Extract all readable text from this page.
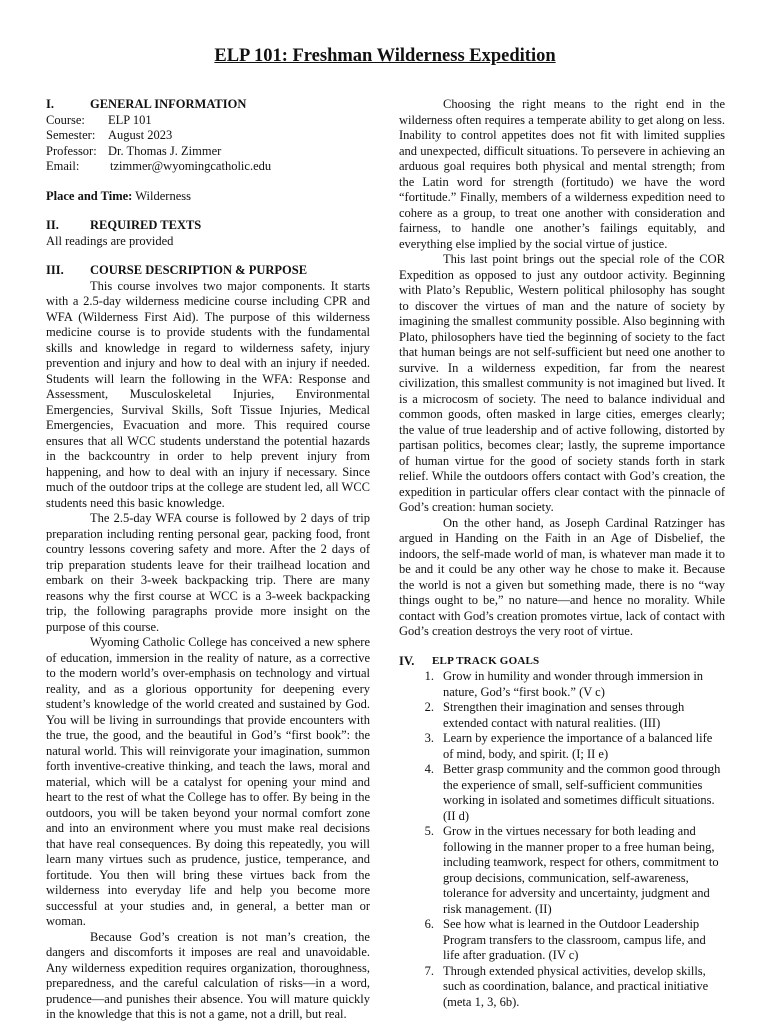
ELP 101: Freshman Wilderness Expedition
I.	GENERAL INFORMATION
Course:	ELP 101
Semester:	August 2023
Professor: Dr. Thomas J. Zimmer
Email:	tzimmer@wyomingcatholic.edu
Place and Time: Wilderness
II.	REQUIRED TEXTS
All readings are provided
III.	COURSE DESCRIPTION & PURPOSE

This course involves two major components. It starts with a 2.5-day wilderness medicine course including CPR and WFA (Wilderness First Aid). The purpose of this wilderness medicine course is to provide students with the fundamental skills and knowledge in regard to wilderness safety, injury prevention and injury and how to deal with an injury if needed. Students will learn the following in the WFA: Response and Assessment, Musculoskeletal Injuries, Environmental Emergencies, Survival Skills, Soft Tissue Injuries, Medical Emergencies, Evacuation and more. This required course ensures that all WCC students understand the potential hazards in the backcountry in order to help prevent injury from happening, and how to deal with an injury if necessary. Since much of the outdoor trips at the college are student led, all WCC students need this basic knowledge.

The 2.5-day WFA course is followed by 2 days of trip preparation including renting personal gear, packing food, front country lessons covering safety and more. After the 2 days of trip preparation students leave for their trailhead location and embark on their 3-week backpacking trip. There are many reasons why the first course at WCC is a 3-week backpacking trip, the following paragraphs provide more insight on the purpose of this course.

Wyoming Catholic College has conceived a new sphere of education, immersion in the reality of nature, as a corrective to the modern world’s over-emphasis on technology and virtual reality, and as a glorious opportunity for deepening every student’s knowledge of the world created and sustained by God. You will be living in surroundings that provide encounters with the true, the good, and the beautiful in God’s “first book”: the natural world. This will reinvigorate your imagination, summon forth inventive-creative thinking, and teach the laws, moral and material, which will be a catalyst for opening your mind and heart to the rest of what the College has to offer. By being in the outdoors, you will be taken beyond your normal comfort zone and into an environment where you must make real decisions that have real consequences. By doing this repeatedly, you will learn many virtues such as prudence, justice, temperance, and fortitude. You then will bring these virtues back from the wilderness into everyday life and help you become more successful at your studies and, in general, a better man or woman.

Because God’s creation is not man’s creation, the dangers and discomforts it imposes are real and unavoidable. Any wilderness expedition requires organization, thoroughness, preparedness, and the careful calculation of risks—in a word, prudence—and punishes their absence. You will mature quickly in the knowledge that this is not a game, not a drill, but real.

Choosing the right means to the right end in the wilderness often requires a temperate ability to get along on less. Inability to control appetites does not fit with limited supplies and unexpected, difficult situations. To persevere in achieving an arduous goal requires both physical and mental strength; from the Latin word for strength (fortitudo) we have the word “fortitude.” Finally, members of a wilderness expedition need to cohere as a group, to treat one another with consideration and fairness, to handle one another’s failings equitably, and everything else implied by the social virtue of justice.

This last point brings out the special role of the COR Expedition as opposed to just any outdoor activity. Beginning with Plato’s Republic, Western political philosophy has sought to discover the virtues of man and the nature of society by imagining the smallest community possible. Also beginning with Plato, philosophers have tied the beginning of society to the fact that human beings are not self-sufficient but need one another to survive. In a wilderness expedition, far from the nearest civilization, this smallest community is not imagined but lived. It is a microcosm of society. The need to balance individual and common goods, often masked in large cities, emerges clearly; the value of true leadership and of active following, distorted by partisan politics, becomes clear; lastly, the supreme importance of human virtue for the good of society stands forth in stark relief. While the outdoors offers contact with God’s creation, the expedition in particular offers clear contact with the pinnacle of God’s creation: human society.

On the other hand, as Joseph Cardinal Ratzinger has argued in Handing on the Faith in an Age of Disbelief, the indoors, the self-made world of man, is whatever man made it to be and it could be any other way he chose to make it. Because the world is not a given but something made, there is no “way things ought to be,” no nature—and hence no morality. While contact with God’s creation promotes virtue, lack of contact with God’s creation destroys the very root of virtue.

IV.	ELP TRACK GOALS
1. Grow in humility and wonder through immersion in nature, God’s “first book.” (V c)
2. Strengthen their imagination and senses through extended contact with natural realities. (III)
3. Learn by experience the importance of a balanced life of mind, body, and spirit. (I; II e)
4. Better grasp community and the common good through the experience of small, self-sufficient communities working in isolated and sometimes difficult situations. (II d)
5. Grow in the virtues necessary for both leading and following in the manner proper to a free human being, including teamwork, respect for others, commitment to group decisions, communication, self-awareness, tolerance for adversity and uncertainty, judgment and risk management. (II)
6. See how what is learned in the Outdoor Leadership Program transfers to the classroom, campus life, and life after graduation. (IV c)
7. Through extended physical activities, develop skills, such as coordination, balance, and practical initiative (meta 1, 3, 6b).
